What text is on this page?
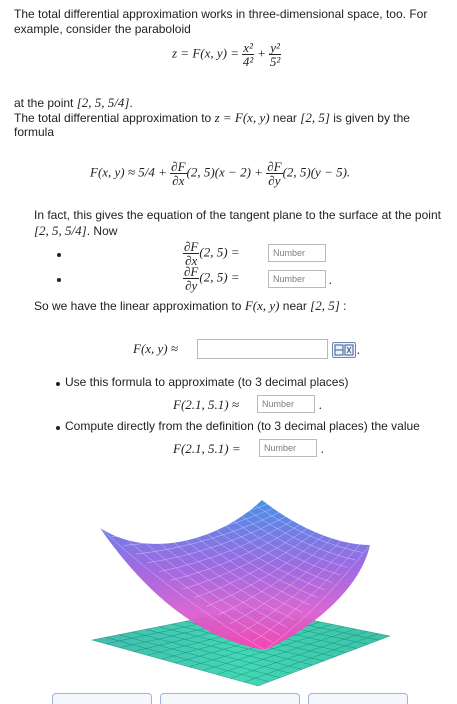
The total differential approximation works in three-dimensional space, too. For
example, consider the paraboloid
z = F(x, $y) = \frac{\text{x²}}{\text{4²}} + \frac{\text{y²}}{\text{5²}}$
at the point [2, 5, 5/4].
The total differential approximation to z = F(x, y) near [2, 5] is given by the
formula
F(x, $y) \approx 5/4 + \frac{\partial F}{\partial x} (2$, $5)(x - 2) + \frac{\partial F}{\partial y} (2$, 5)(y − 5).
In fact, this gives the equation of the tangent plane to the surface at the point
[2, 5, 5/4]. Now
$\frac{\partial F}{\partial x} (2$, 5) =
Number
$\frac{\partial F}{\partial y} (2$, 5) =
Number	.
So we have the linear approximation to F(x, y) near [2, 5] :
F(x, y) ≈	.
Use this formula to approximate (to 3 decimal places)
F(2.1, 5.1) ≈
Number	.
Compute directly from the definition (to 3 decimal places) the value
F(2.1, 5.1) =
Number	.
